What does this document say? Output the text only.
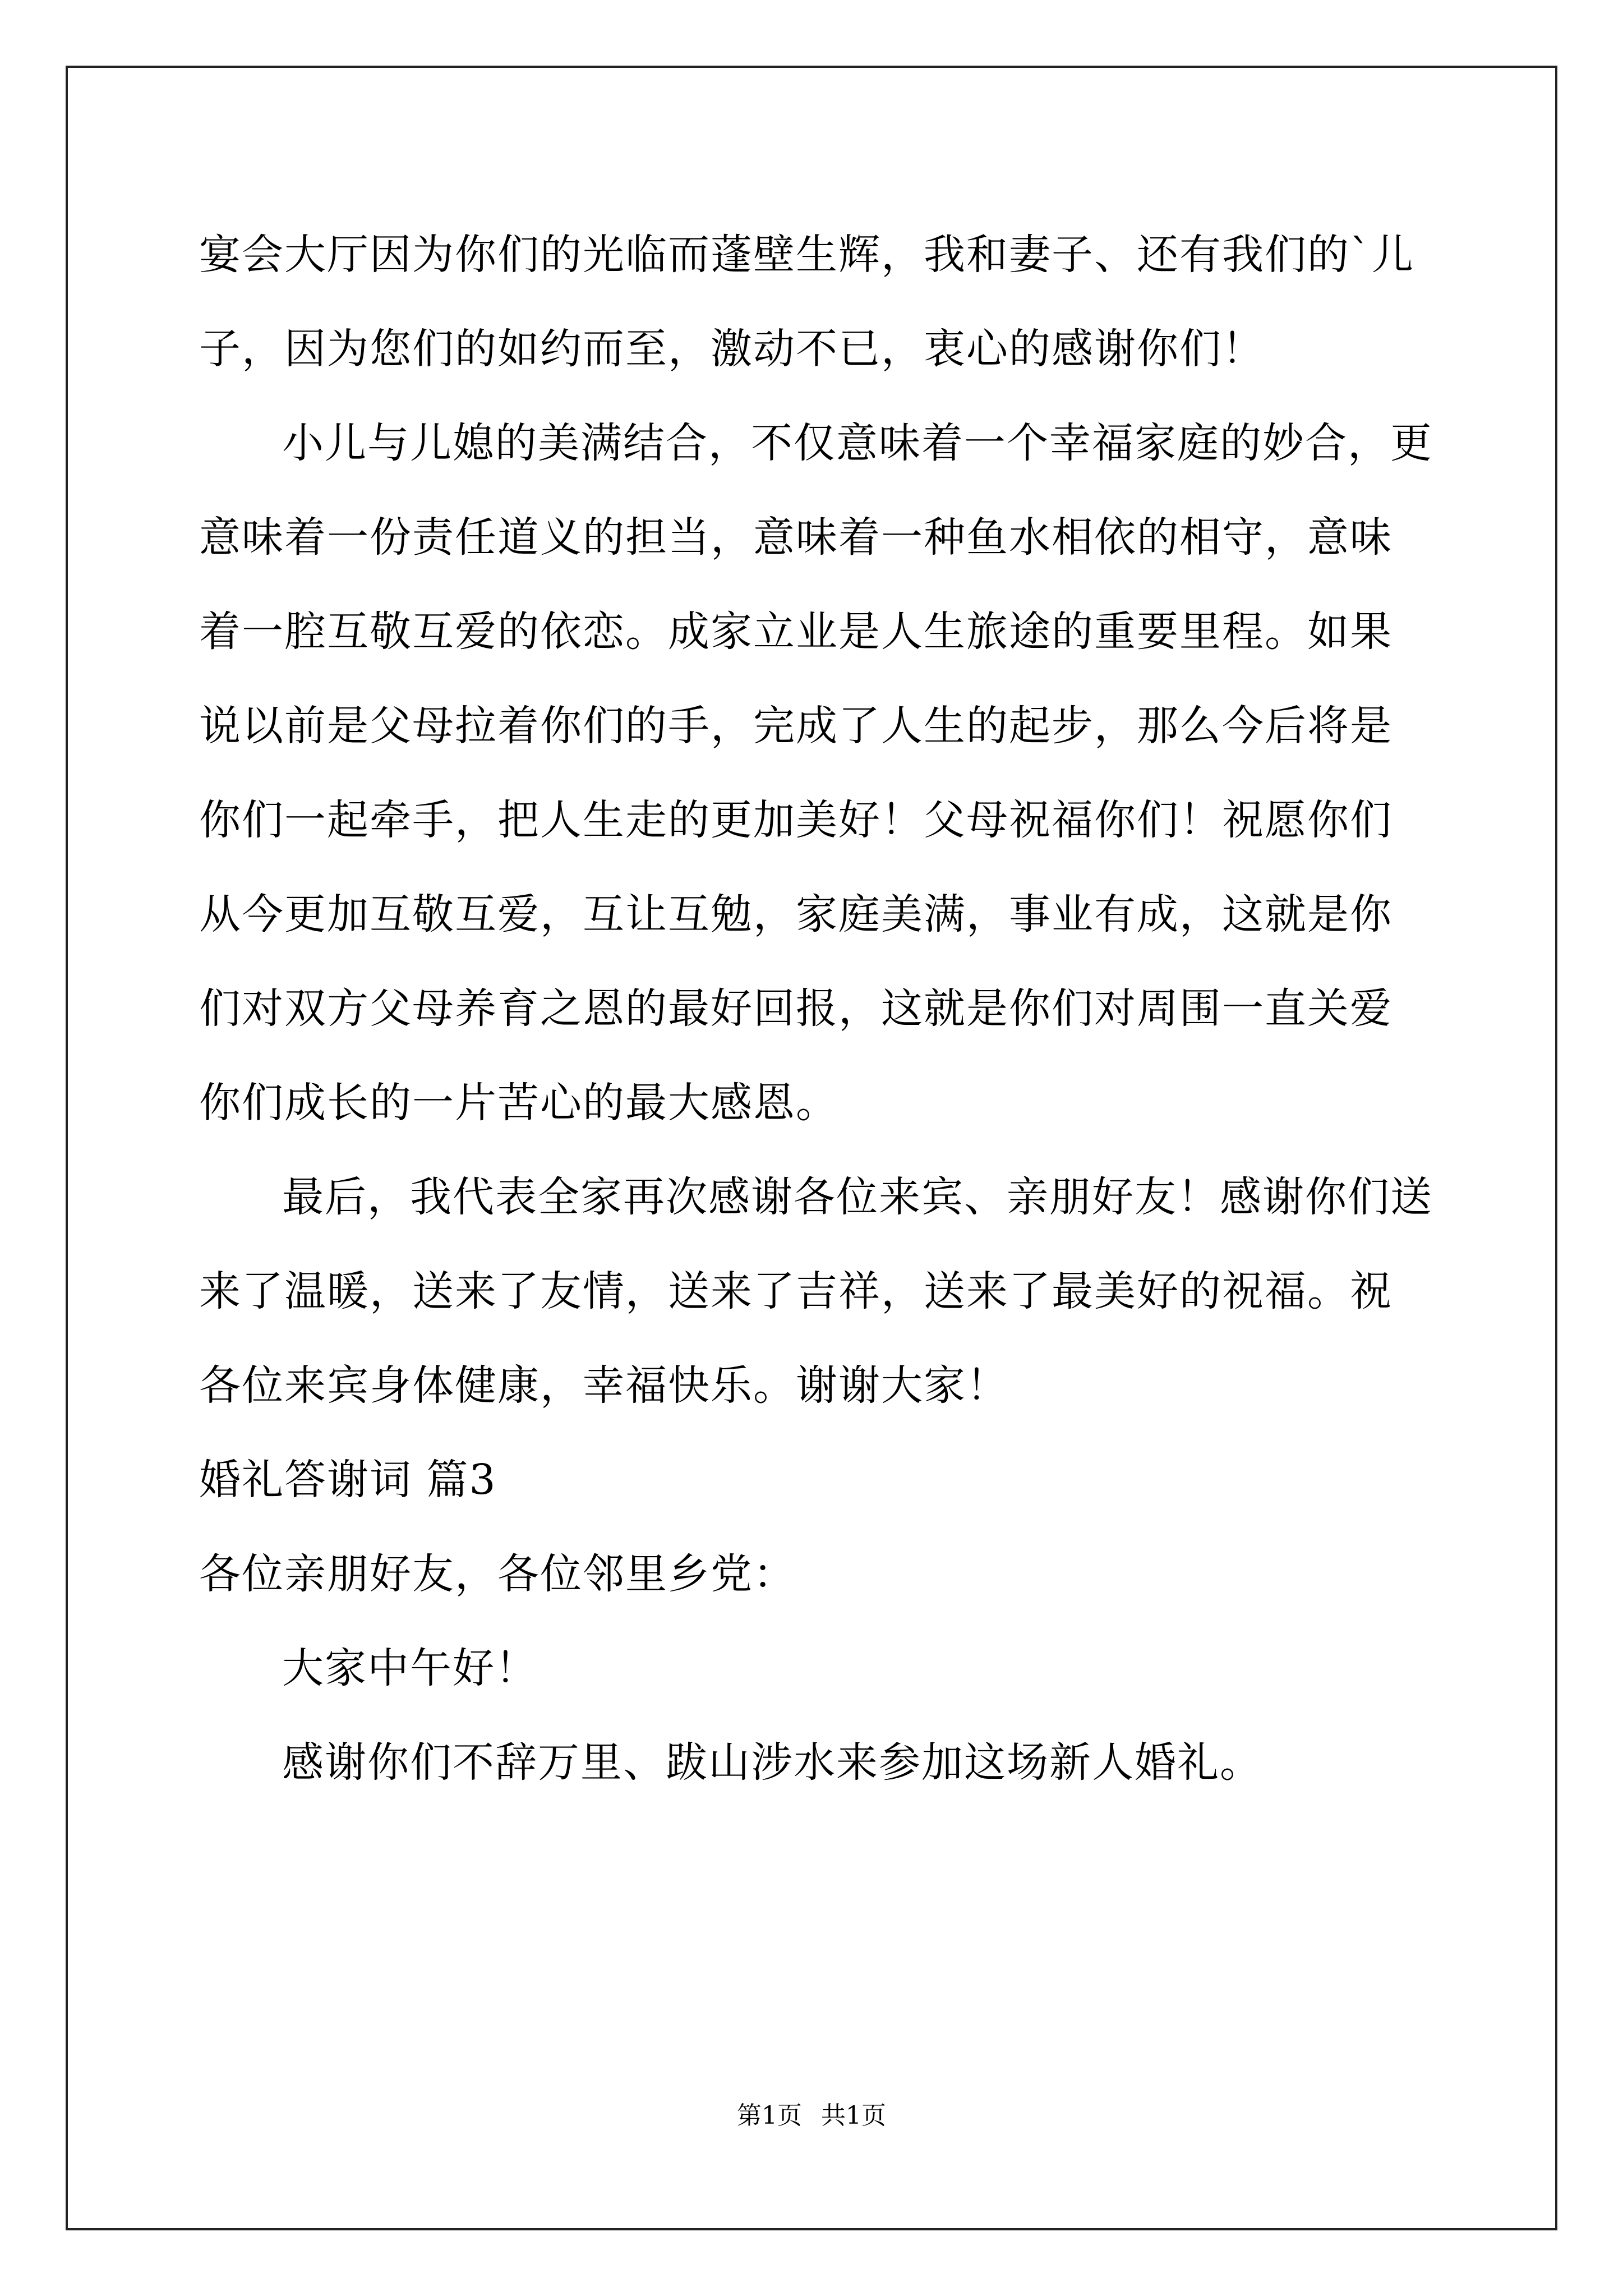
宴会大厅因为你们的光临而蓬壁生辉，我和妻子、还有我们的`儿子，因为您们的如约而至，激动不已，衷心的感谢你们！

小儿与儿媳的美满结合，不仅意味着一个幸福家庭的妙合，更意味着一份责任道义的担当，意味着一种鱼水相依的相守，意味着一腔互敬互爱的依恋。成家立业是人生旅途的重要里程。如果说以前是父母拉着你们的手，完成了人生的起步，那么今后将是你们一起牵手，把人生走的更加美好！父母祝福你们！祝愿你们从今更加互敬互爱，互让互勉，家庭美满，事业有成，这就是你们对双方父母养育之恩的最好回报，这就是你们对周围一直关爱你们成长的一片苦心的最大感恩。

最后，我代表全家再次感谢各位来宾、亲朋好友！感谢你们送来了温暖，送来了友情，送来了吉祥，送来了最美好的祝福。祝各位来宾身体健康，幸福快乐。谢谢大家！

婚礼答谢词 篇3

各位亲朋好友，各位邻里乡党：

大家中午好！

感谢你们不辞万里、跋山涉水来参加这场新人婚礼。

第1页 共1页
